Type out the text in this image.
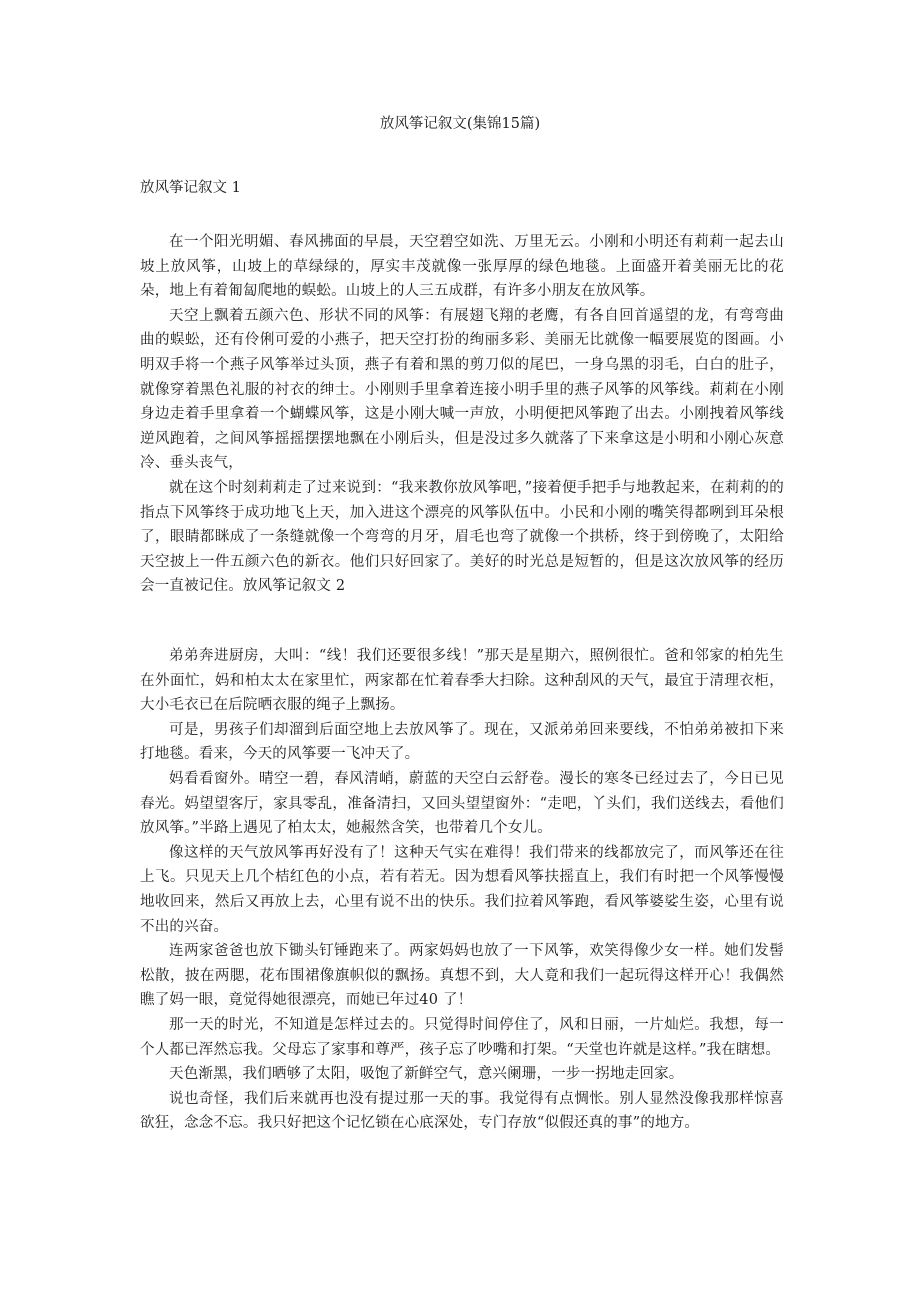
放风筝记叙文(集锦15篇)
放风筝记叙文 1

在一个阳光明媚、春风拂面的早晨，天空碧空如洗、万里无云。小刚和小明还有莉莉一起去山坡上放风筝，山坡上的草绿绿的，厚实丰茂就像一张厚厚的绿色地毯。上面盛开着美丽无比的花朵，地上有着匍匐爬地的蜈蚣。山坡上的人三五成群，有许多小朋友在放风筝。

天空上飘着五颜六色、形状不同的风筝：有展翅飞翔的老鹰，有各自回首遥望的龙，有弯弯曲曲的蜈蚣，还有伶俐可爱的小燕子，把天空打扮的绚丽多彩、美丽无比就像一幅要展览的图画。小明双手将一个燕子风筝举过头顶，燕子有着和黑的剪刀似的尾巴，一身乌黑的羽毛，白白的肚子，就像穿着黑色礼服的衬衣的绅士。小刚则手里拿着连接小明手里的燕子风筝的风筝线。莉莉在小刚身边走着手里拿着一个蝴蝶风筝，这是小刚大喊一声放，小明便把风筝跑了出去。小刚拽着风筝线逆风跑着，之间风筝摇摇摆摆地飘在小刚后头，但是没过多久就落了下来拿这是小明和小刚心灰意冷、垂头丧气，

就在这个时刻莉莉走了过来说到：“我来教你放风筝吧，”接着便手把手与地教起来，在莉莉的的指点下风筝终于成功地飞上天，加入进这个漂亮的风筝队伍中。小民和小刚的嘴笑得都咧到耳朵根了，眼睛都眯成了一条缝就像一个弯弯的月牙，眉毛也弯了就像一个拱桥，终于到傍晚了，太阳给天空披上一件五颜六色的新衣。他们只好回家了。美好的时光总是短暂的，但是这次放风筝的经历会一直被记住。放风筝记叙文 2

弟弟奔进厨房，大叫：“线！我们还要很多线！”那天是星期六，照例很忙。爸和邻家的柏先生在外面忙，妈和柏太太在家里忙，两家都在忙着春季大扫除。这种刮风的天气，最宜于清理衣柜，大小毛衣已在后院晒衣服的绳子上飘扬。

可是，男孩子们却溜到后面空地上去放风筝了。现在，又派弟弟回来要线，不怕弟弟被扣下来打地毯。看来，今天的风筝要一飞冲天了。

妈看看窗外。晴空一碧，春风清峭，蔚蓝的天空白云舒卷。漫长的寒冬已经过去了，今日已见春光。妈望望客厅，家具零乱，准备清扫，又回头望望窗外：“走吧，丫头们，我们送线去，看他们放风筝。”半路上遇见了柏太太，她赧然含笑，也带着几个女儿。

像这样的天气放风筝再好没有了！这种天气实在难得！我们带来的线都放完了，而风筝还在往上飞。只见天上几个桔红色的小点，若有若无。因为想看风筝扶摇直上，我们有时把一个风筝慢慢地收回来，然后又再放上去，心里有说不出的快乐。我们拉着风筝跑，看风筝婆娑生姿，心里有说不出的兴奋。

连两家爸爸也放下锄头钉锤跑来了。两家妈妈也放了一下风筝，欢笑得像少女一样。她们发髻松散，披在两腮，花布围裙像旗帜似的飘扬。真想不到，大人竟和我们一起玩得这样开心！我偶然瞧了妈一眼，竟觉得她很漂亮，而她已年过40 了！

那一天的时光，不知道是怎样过去的。只觉得时间停住了，风和日丽，一片灿烂。我想，每一个人都已浑然忘我。父母忘了家事和尊严，孩子忘了吵嘴和打架。“天堂也许就是这样。”我在瞎想。

天色渐黑，我们晒够了太阳，吸饱了新鲜空气，意兴阑珊，一步一拐地走回家。

说也奇怪，我们后来就再也没有提过那一天的事。我觉得有点惆怅。别人显然没像我那样惊喜欲狂，念念不忘。我只好把这个记忆锁在心底深处，专门存放“似假还真的事”的地方。
